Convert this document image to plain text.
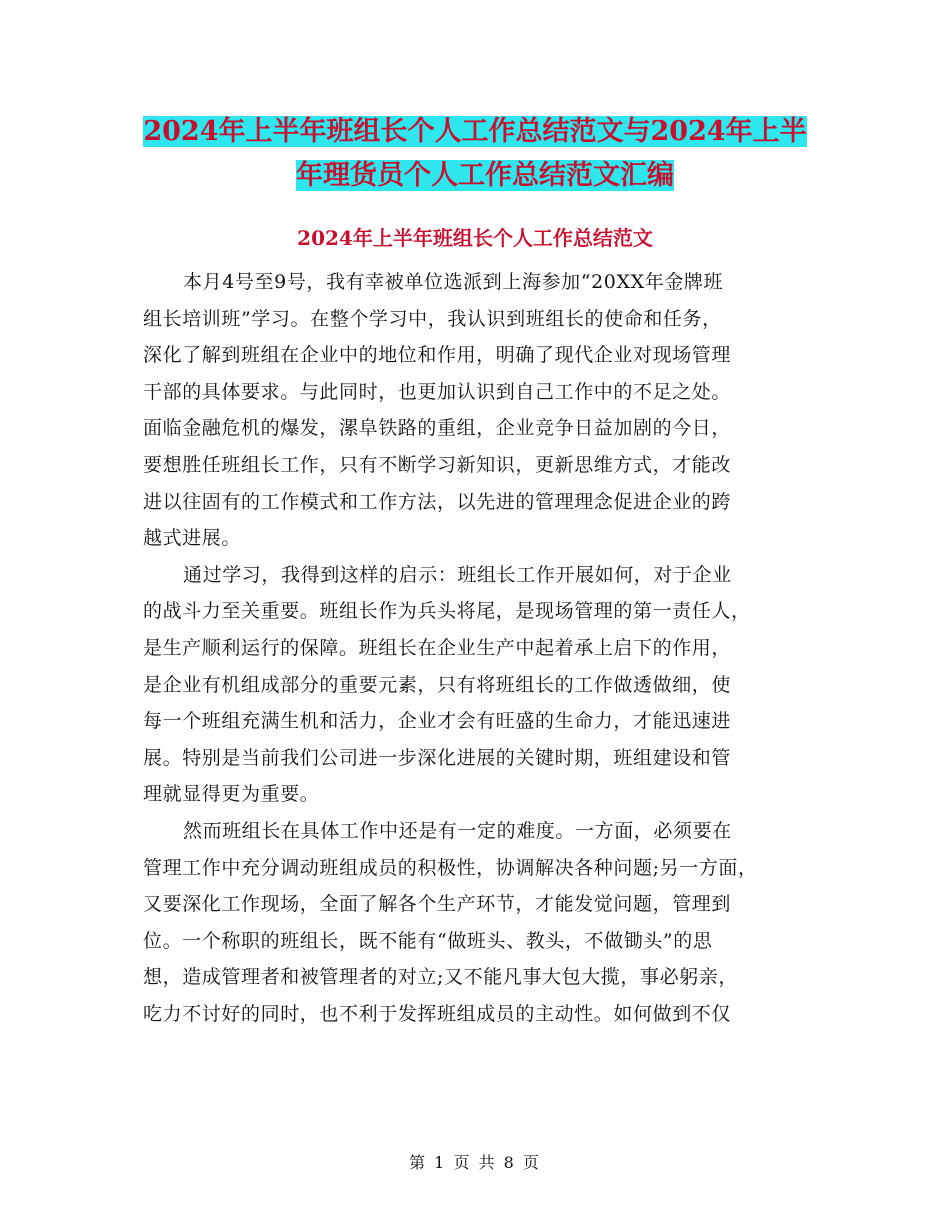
2024年上半年班组长个人工作总结范文与2024年上半
年理货员个人工作总结范文汇编
2024年上半年班组长个人工作总结范文
本月4号至9号，我有幸被单位选派到上海参加“20XX年金牌班
组长培训班”学习。在整个学习中，我认识到班组长的使命和任务，
深化了解到班组在企业中的地位和作用，明确了现代企业对现场管理
干部的具体要求。与此同时，也更加认识到自己工作中的不足之处。
面临金融危机的爆发，漯阜铁路的重组，企业竞争日益加剧的今日，
要想胜任班组长工作，只有不断学习新知识，更新思维方式，才能改
进以往固有的工作模式和工作方法，以先进的管理理念促进企业的跨
越式进展。
通过学习，我得到这样的启示：班组长工作开展如何，对于企业
的战斗力至关重要。班组长作为兵头将尾，是现场管理的第一责任人，
是生产顺利运行的保障。班组长在企业生产中起着承上启下的作用，
是企业有机组成部分的重要元素，只有将班组长的工作做透做细，使
每一个班组充满生机和活力，企业才会有旺盛的生命力，才能迅速进
展。特别是当前我们公司进一步深化进展的关键时期，班组建设和管
理就显得更为重要。
然而班组长在具体工作中还是有一定的难度。一方面，必须要在
管理工作中充分调动班组成员的积极性，协调解决各种问题;另一方面，
又要深化工作现场，全面了解各个生产环节，才能发觉问题，管理到
位。一个称职的班组长，既不能有“做班头、教头，不做锄头”的思
想，造成管理者和被管理者的对立;又不能凡事大包大揽，事必躬亲，
吃力不讨好的同时，也不利于发挥班组成员的主动性。如何做到不仅
第 1 页 共 8 页
